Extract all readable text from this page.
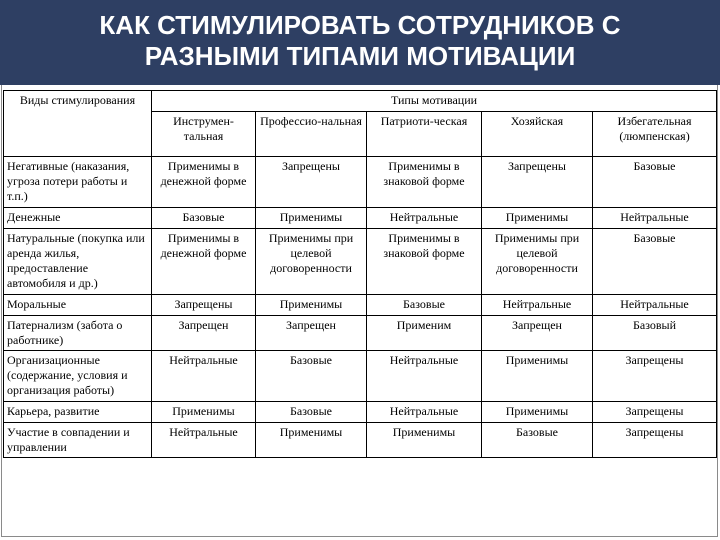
КАК СТИМУЛИРОВАТЬ СОТРУДНИКОВ С
РАЗНЫМИ ТИПАМИ МОТИВАЦИИ
Виды стимулирования	Типы мотивации				
	Инструмен-тальная	Профессио-нальная	Патриоти-ческая	Хозяйская	Избегательная (люмпенская)
Негативные (наказания, угроза потери работы и т.п.)	Применимы в денежной форме	Запрещены	Применимы в знаковой форме	Запрещены	Базовые
Денежные	Базовые	Применимы	Нейтральные	Применимы	Нейтральные
Натуральные (покупка или аренда жилья, предоставление автомобиля и др.)	Применимы в денежной форме	Применимы при целевой договоренности	Применимы в знаковой форме	Применимы при целевой договоренности	Базовые
Моральные	Запрещены	Применимы	Базовые	Нейтральные	Нейтральные
Патернализм (забота о работнике)	Запрещен	Запрещен	Применим	Запрещен	Базовый
Организационные (содержание, условия и организация работы)	Нейтральные	Базовые	Нейтральные	Применимы	Запрещены
Карьера, развитие	Применимы	Базовые	Нейтральные	Применимы	Запрещены
Участие в совпадении и управлении	Нейтральные	Применимы	Применимы	Базовые	Запрещены
